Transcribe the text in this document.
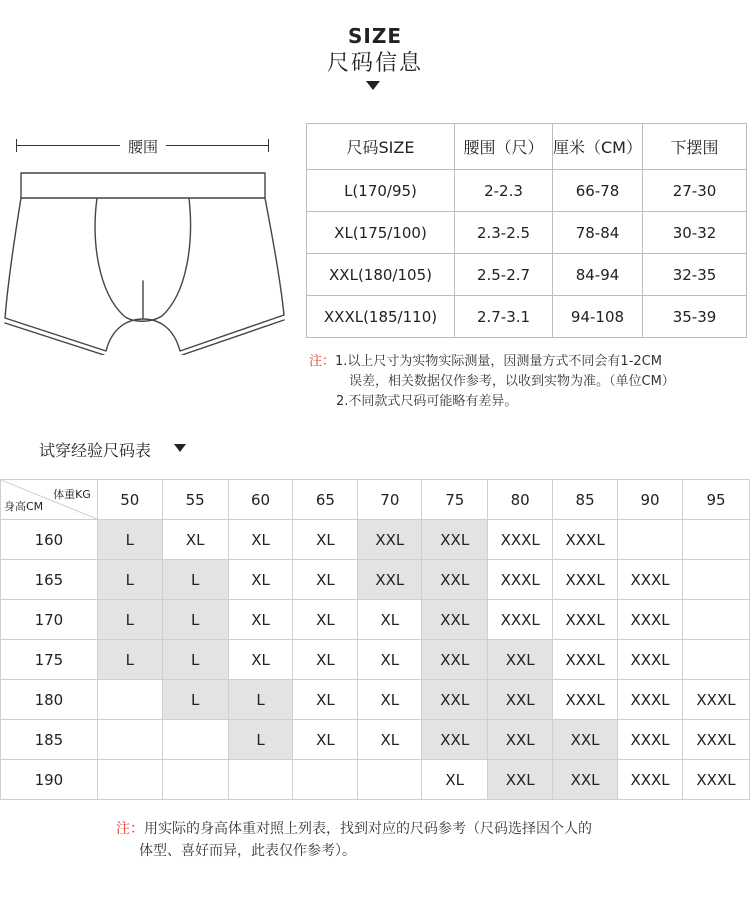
SIZE
尺码信息
腰围	尺码SIZE	腰围（尺）	厘米（CM）	下摆围
L(170/95)	2-2.3	66-78	27-30
XL(175/100)	2.3-2.5	78-84	30-32
XXL(180/105)	2.5-2.7	84-94	32-35
XXXL(185/110)	2.7-3.1	94-108	35-39
注：1.以上尺寸为实物实际测量，因测量方式不同会有1-2CM
误差，相关数据仅作参考，以收到实物为准。（单位CM）
2.不同款式尺码可能略有差异。
试穿经验尺码表
体重KG
身高CM	50	55	60	65	70	75	80	85	90	95
160	L	XL	XL	XL	XXL	XXL	XXXL	XXXL		
165	L	L	XL	XL	XXL	XXL	XXXL	XXXL	XXXL	
170	L	L	XL	XL	XL	XXL	XXXL	XXXL	XXXL	
175	L	L	XL	XL	XL	XXL	XXL	XXXL	XXXL	
180		L	L	XL	XL	XXL	XXL	XXXL	XXXL	XXXL
185			L	XL	XL	XXL	XXL	XXL	XXXL	XXXL
190						XL	XXL	XXL	XXXL	XXXL
注：用实际的身高体重对照上列表，找到对应的尺码参考（尺码选择因个人的
体型、喜好而异，此表仅作参考）。
